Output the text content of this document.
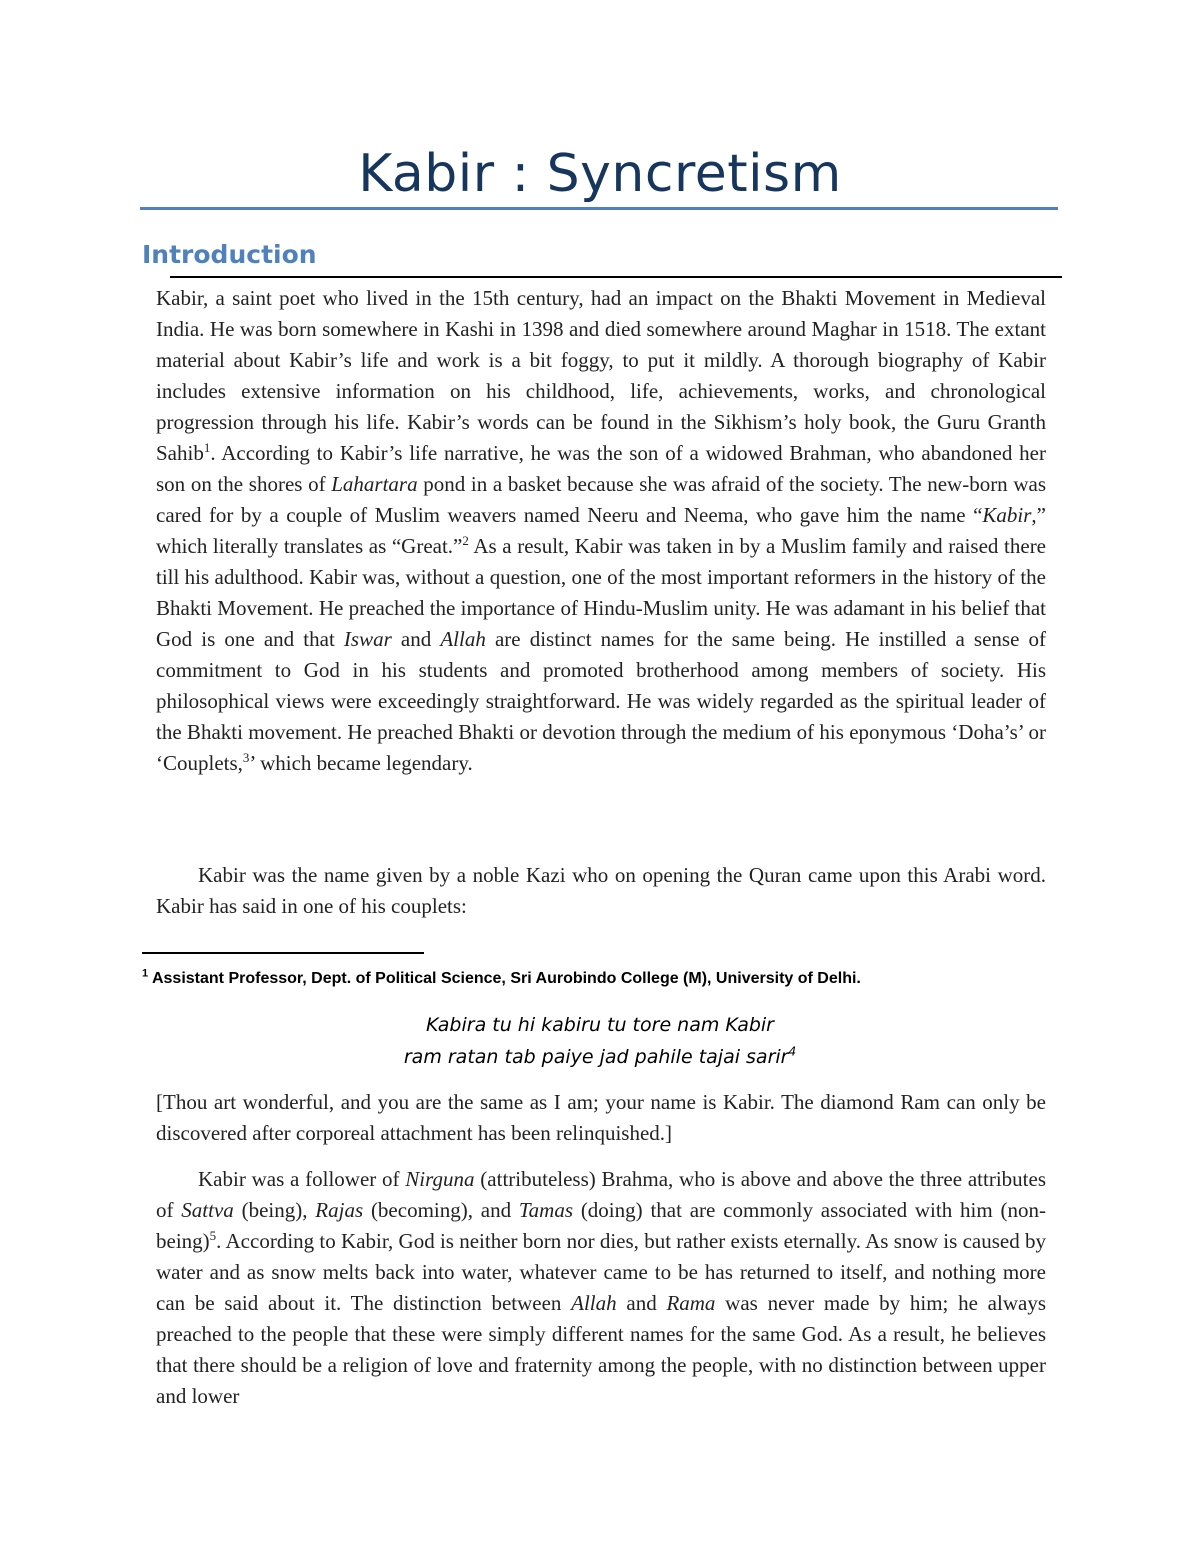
Kabir : Syncretism
Introduction
Kabir, a saint poet who lived in the 15th century, had an impact on the Bhakti Movement in Medieval India. He was born somewhere in Kashi in 1398 and died somewhere around Maghar in 1518. The extant material about Kabir’s life and work is a bit foggy, to put it mildly. A thorough biography of Kabir includes extensive information on his childhood, life, achievements, works, and chronological progression through his life. Kabir’s words can be found in the Sikhism’s holy book, the Guru Granth Sahib$^1$. According to Kabir’s life narrative, he was the son of a widowed Brahman, who abandoned her son on the shores of Lahartara pond in a basket because she was afraid of the society. The new-born was cared for by a couple of Muslim weavers named Neeru and Neema, who gave him the name “Kabir,” which literally translates as “Great.”$^2$ As a result, Kabir was taken in by a Muslim family and raised there till his adulthood. Kabir was, without a question, one of the most important reformers in the history of the Bhakti Movement. He preached the importance of Hindu-Muslim unity. He was adamant in his belief that God is one and that Iswar and Allah are distinct names for the same being. He instilled a sense of commitment to God in his students and promoted brotherhood among members of society. His philosophical views were exceedingly straightforward. He was widely regarded as the spiritual leader of the Bhakti movement. He preached Bhakti or devotion through the medium of his eponymous ‘Doha’s’ or ‘Couplets,$^3$’ which became legendary.
Kabir was the name given by a noble Kazi who on opening the Quran came upon this Arabi word. Kabir has said in one of his couplets:
$^1$ Assistant Professor, Dept. of Political Science, Sri Aurobindo College (M), University of Delhi.
Kabira tu hi kabiru tu tore nam Kabir
ram ratan tab paiye jad pahile tajai sarir$^4$
[Thou art wonderful, and you are the same as I am; your name is Kabir. The diamond Ram can only be discovered after corporeal attachment has been relinquished.]
Kabir was a follower of Nirguna (attributeless) Brahma, who is above and above the three attributes of Sattva (being), Rajas (becoming), and Tamas (doing) that are commonly associated with him (non-being)$^5$. According to Kabir, God is neither born nor dies, but rather exists eternally. As snow is caused by water and as snow melts back into water, whatever came to be has returned to itself, and nothing more can be said about it. The distinction between Allah and Rama was never made by him; he always preached to the people that these were simply different names for the same God. As a result, he believes that there should be a religion of love and fraternity among the people, with no distinction between upper and lower
